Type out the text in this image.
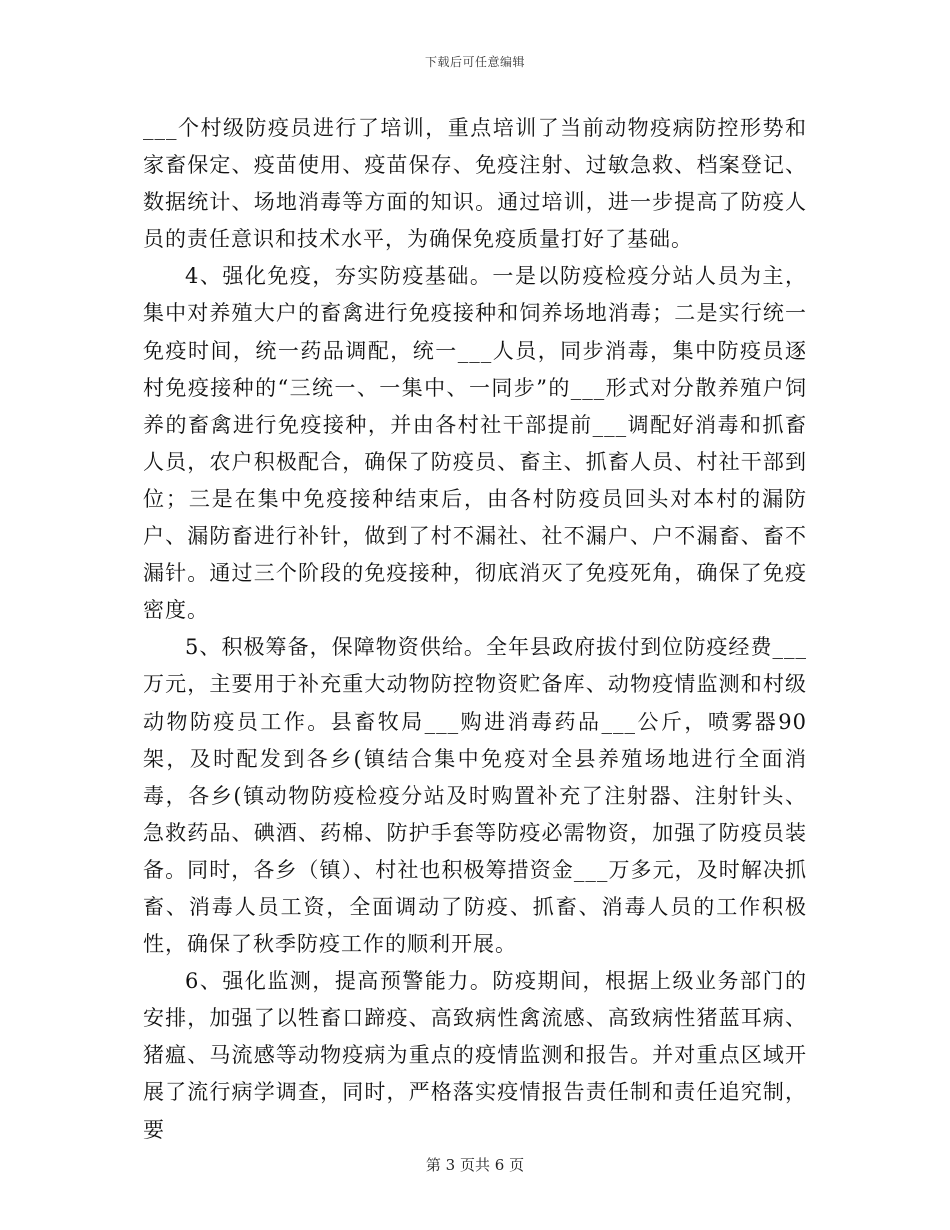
下载后可任意编辑

___个村级防疫员进行了培训，重点培训了当前动物疫病防控形势和家畜保定、疫苗使用、疫苗保存、免疫注射、过敏急救、档案登记、数据统计、场地消毒等方面的知识。通过培训，进一步提高了防疫人员的责任意识和技术水平，为确保免疫质量打好了基础。

4、强化免疫，夯实防疫基础。一是以防疫检疫分站人员为主，集中对养殖大户的畜禽进行免疫接种和饲养场地消毒；二是实行统一免疫时间，统一药品调配，统一___人员，同步消毒，集中防疫员逐村免疫接种的“三统一、一集中、一同步”的___形式对分散养殖户饲养的畜禽进行免疫接种，并由各村社干部提前___调配好消毒和抓畜人员，农户积极配合，确保了防疫员、畜主、抓畜人员、村社干部到位；三是在集中免疫接种结束后，由各村防疫员回头对本村的漏防户、漏防畜进行补针，做到了村不漏社、社不漏户、户不漏畜、畜不漏针。通过三个阶段的免疫接种，彻底消灭了免疫死角，确保了免疫密度。

5、积极筹备，保障物资供给。全年县政府拔付到位防疫经费___万元，主要用于补充重大动物防控物资贮备库、动物疫情监测和村级动物防疫员工作。县畜牧局___购进消毒药品___公斤，喷雾器90架，及时配发到各乡(镇结合集中免疫对全县养殖场地进行全面消毒，各乡(镇动物防疫检疫分站及时购置补充了注射器、注射针头、急救药品、碘酒、药棉、防护手套等防疫必需物资，加强了防疫员装备。同时，各乡（镇）、村社也积极筹措资金___万多元，及时解决抓畜、消毒人员工资，全面调动了防疫、抓畜、消毒人员的工作积极性，确保了秋季防疫工作的顺利开展。

6、强化监测，提高预警能力。防疫期间，根据上级业务部门的安排，加强了以牲畜口蹄疫、高致病性禽流感、高致病性猪蓝耳病、猪瘟、马流感等动物疫病为重点的疫情监测和报告。并对重点区域开展了流行病学调查，同时，严格落实疫情报告责任制和责任追究制，要

第 3 页共 6 页
